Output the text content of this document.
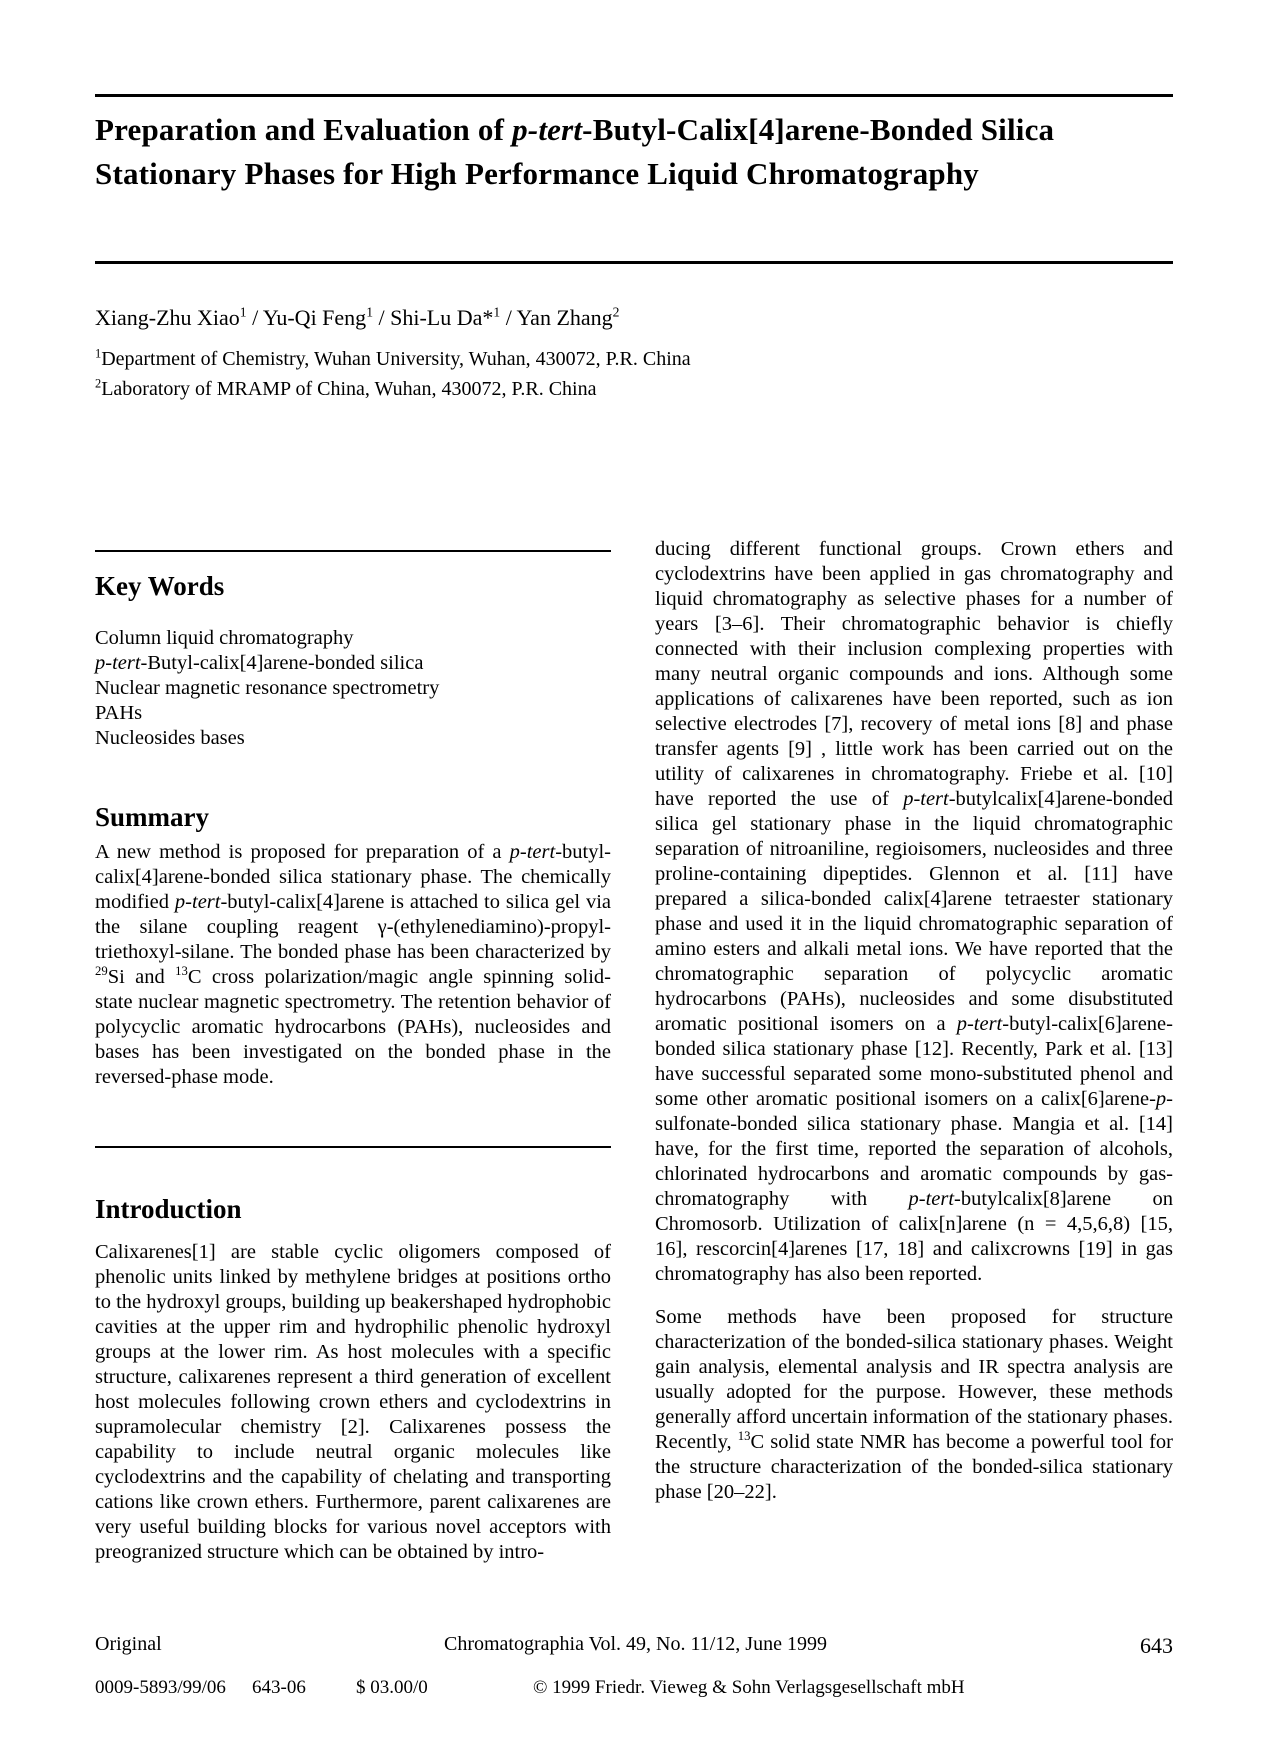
Preparation and Evaluation of p-tert-Butyl-Calix[4]arene-Bonded Silica Stationary Phases for High Performance Liquid Chromatography
Xiang-Zhu Xiao$^1$ / Yu-Qi Feng$^1$ / Shi-Lu Da*$^1$ / Yan Zhang$^2$
$^1$Department of Chemistry, Wuhan University, Wuhan, 430072, P.R. China
$^2$Laboratory of MRAMP of China, Wuhan, 430072, P.R. China
Key Words
Column liquid chromatography
p-tert-Butyl-calix[4]arene-bonded silica
Nuclear magnetic resonance spectrometry
PAHs
Nucleosides bases
Summary

A new method is proposed for preparation of a p-tert-butyl-calix[4]arene-bonded silica stationary phase. The chemically modified p-tert-butyl-calix[4]arene is attached to silica gel via the silane coupling reagent γ-(ethylenediamino)-propyl-triethoxyl-silane. The bonded phase has been characterized by $^{29}$Si and $^{13}$C cross polarization/magic angle spinning solid-state nuclear magnetic spectrometry. The retention behavior of polycyclic aromatic hydrocarbons (PAHs), nucleosides and bases has been investigated on the bonded phase in the reversed-phase mode.

Introduction

Calixarenes[1] are stable cyclic oligomers composed of phenolic units linked by methylene bridges at positions ortho to the hydroxyl groups, building up beakershaped hydrophobic cavities at the upper rim and hydrophilic phenolic hydroxyl groups at the lower rim. As host molecules with a specific structure, calixarenes represent a third generation of excellent host molecules following crown ethers and cyclodextrins in supramolecular chemistry [2]. Calixarenes possess the capability to include neutral organic molecules like cyclodextrins and the capability of chelating and transporting cations like crown ethers. Furthermore, parent calixarenes are very useful building blocks for various novel acceptors with preogranized structure which can be obtained by intro-

ducing different functional groups. Crown ethers and cyclodextrins have been applied in gas chromatography and liquid chromatography as selective phases for a number of years [3–6]. Their chromatographic behavior is chiefly connected with their inclusion complexing properties with many neutral organic compounds and ions. Although some applications of calixarenes have been reported, such as ion selective electrodes [7], recovery of metal ions [8] and phase transfer agents [9] , little work has been carried out on the utility of calixarenes in chromatography. Friebe et al. [10] have reported the use of p-tert-butylcalix[4]arene-bonded silica gel stationary phase in the liquid chromatographic separation of nitroaniline, regioisomers, nucleosides and three proline-containing dipeptides. Glennon et al. [11] have prepared a silica-bonded calix[4]arene tetraester stationary phase and used it in the liquid chromatographic separation of amino esters and alkali metal ions. We have reported that the chromatographic separation of polycyclic aromatic hydrocarbons (PAHs), nucleosides and some disubstituted aromatic positional isomers on a p-tert-butyl-calix[6]arene-bonded silica stationary phase [12]. Recently, Park et al. [13] have successful separated some mono-substituted phenol and some other aromatic positional isomers on a calix[6]arene-p-sulfonate-bonded silica stationary phase. Mangia et al. [14] have, for the first time, reported the separation of alcohols, chlorinated hydrocarbons and aromatic compounds by gas-chromatography with p-tert-butylcalix[8]arene on Chromosorb. Utilization of calix[n]arene (n = 4,5,6,8) [15, 16], rescorcin[4]arenes [17, 18] and calixcrowns [19] in gas chromatography has also been reported.

Some methods have been proposed for structure characterization of the bonded-silica stationary phases. Weight gain analysis, elemental analysis and IR spectra analysis are usually adopted for the purpose. However, these methods generally afford uncertain information of the stationary phases. Recently, $^{13}$C solid state NMR has become a powerful tool for the structure characterization of the bonded-silica stationary phase [20–22].

Original	Chromatographia Vol. 49, No. 11/12, June 1999	643
0009-5893/99/06 643-06	$ 03.00/0	© 1999 Friedr. Vieweg & Sohn Verlagsgesellschaft mbH
